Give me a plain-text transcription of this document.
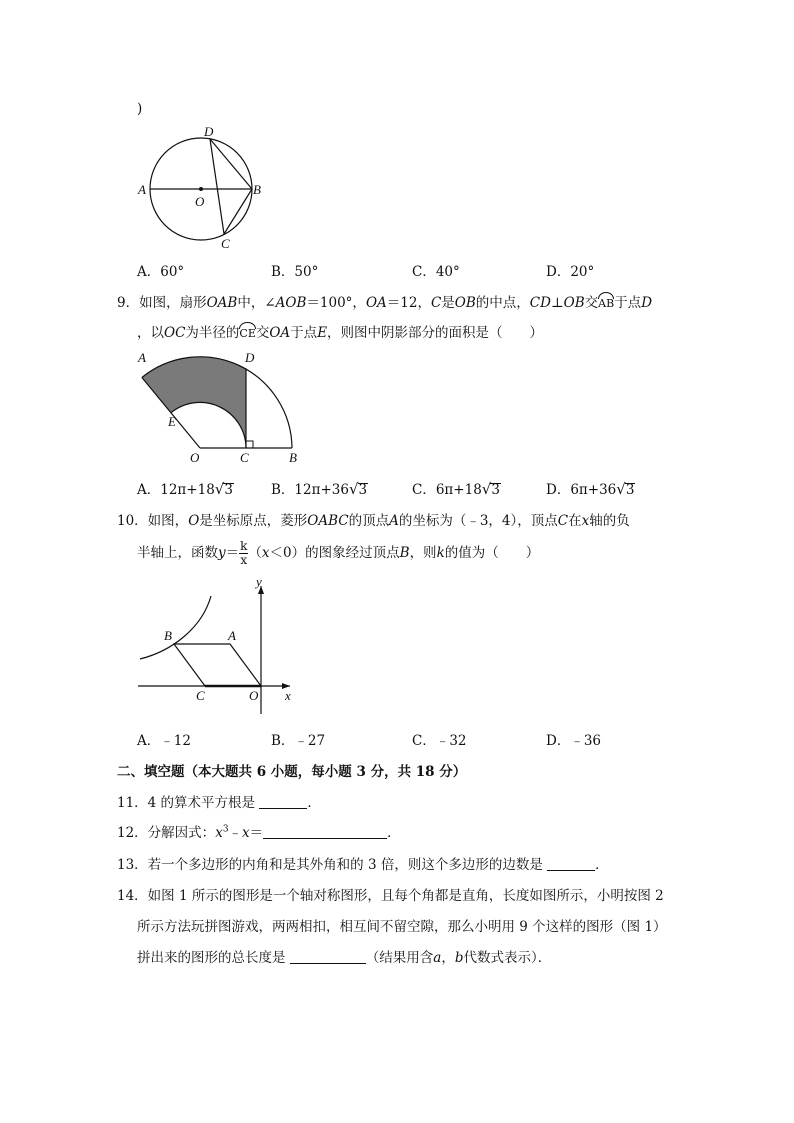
)
A	B
O
D
C
A．60°	B．50°	C．40°	D．20°
9．如图，扇形OAB中，∠AOB＝100°，OA＝12，C是OB的中点，CD⊥OB交AB于点D
，以OC为半径的CE交OA于点E，则图中阴影部分的面积是（　　）
A	D
E
O	C	B
A．12π+18√3	B．12π+36√3	C．6π+18√3	D．6π+36√3
10．如图，O是坐标原点，菱形OABC的顶点A的坐标为（﹣3，4），顶点C在x轴的负
半轴上，函数$y= \frac{k}{x} (x<0)$的图象经过顶点B，则k的值为（　　）
y
x
B	A
C	O
A．﹣12	B．﹣27	C．﹣32	D．﹣36
二、填空题（本大题共 6 小题，每小题 3 分，共 18 分）
11．4 的算术平方根是	．
12．分解因式：$x^3﹣x=$	．
13．若一个多边形的内角和是其外角和的 3 倍，则这个多边形的边数是	．
14．如图 1 所示的图形是一个轴对称图形，且每个角都是直角，长度如图所示，小明按图 2
所示方法玩拼图游戏，两两相扣，相互间不留空隙，那么小明用 9 个这样的图形（图 1）
拼出来的图形的总长度是	（结果用含a，b代数式表示）．
